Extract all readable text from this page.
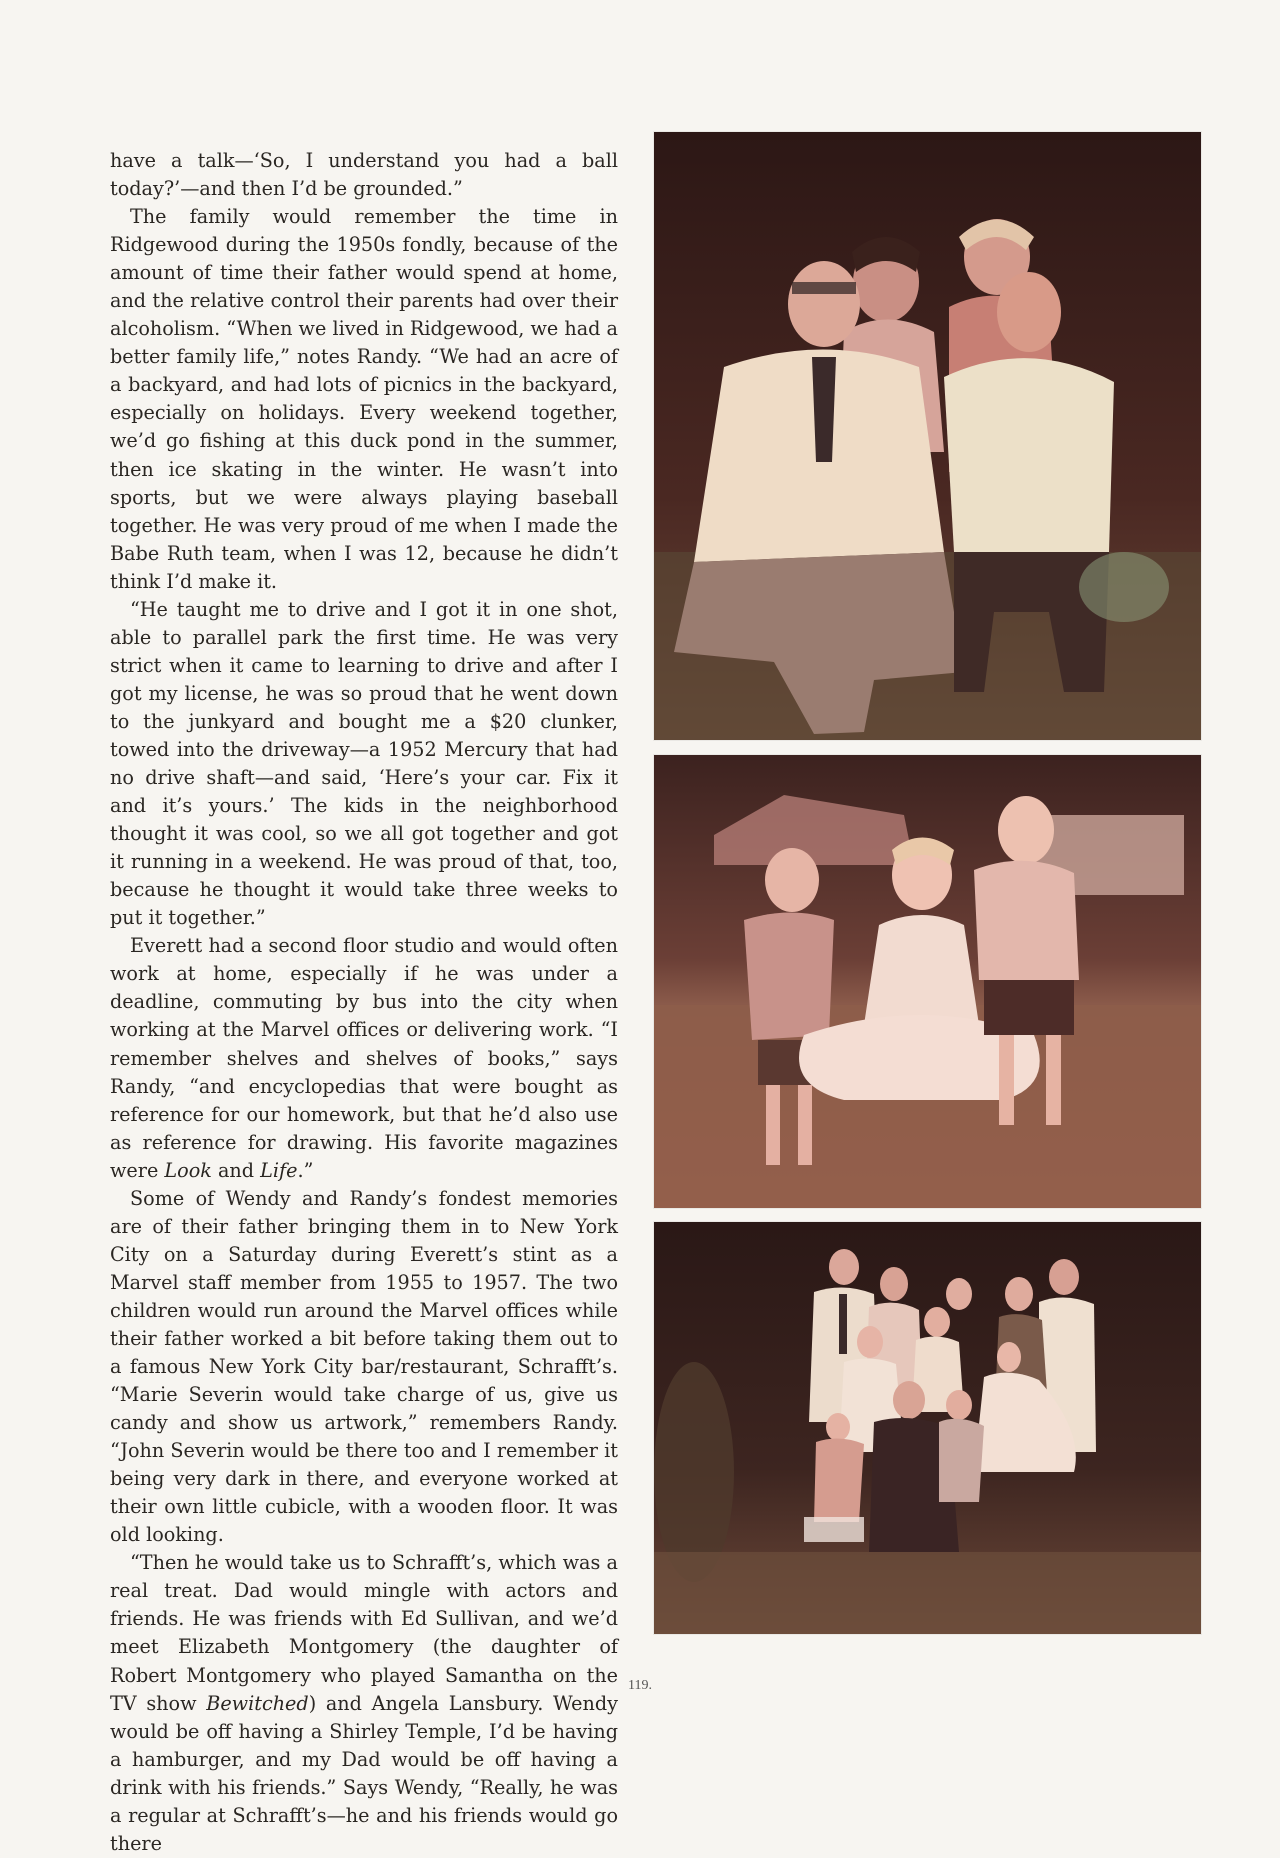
have a talk—‘So, I understand you had a ball today?’—and then I’d be grounded.”

The family would remember the time in Ridgewood during the 1950s fondly, because of the amount of time their father would spend at home, and the relative control their parents had over their alcoholism. “When we lived in Ridgewood, we had a better family life,” notes Randy. “We had an acre of a backyard, and had lots of picnics in the backyard, especially on holidays. Every weekend together, we’d go fishing at this duck pond in the summer, then ice skating in the winter. He wasn’t into sports, but we were always playing baseball together. He was very proud of me when I made the Babe Ruth team, when I was 12, because he didn’t think I’d make it.

“He taught me to drive and I got it in one shot, able to parallel park the first time. He was very strict when it came to learning to drive and after I got my license, he was so proud that he went down to the junkyard and bought me a $20 clunker, towed into the driveway—a 1952 Mercury that had no drive shaft—and said, ‘Here’s your car. Fix it and it’s yours.’ The kids in the neighborhood thought it was cool, so we all got together and got it running in a weekend. He was proud of that, too, because he thought it would take three weeks to put it together.”

Everett had a second floor studio and would often work at home, especially if he was under a deadline, commuting by bus into the city when working at the Marvel offices or delivering work. “I remember shelves and shelves of books,” says Randy, “and encyclopedias that were bought as reference for our homework, but that he’d also use as reference for drawing. His favorite magazines were Look and Life.”

Some of Wendy and Randy’s fondest memories are of their father bringing them in to New York City on a Saturday during Everett’s stint as a Marvel staff member from 1955 to 1957. The two children would run around the Marvel offices while their father worked a bit before taking them out to a famous New York City bar/restaurant, Schrafft’s. “Marie Severin would take charge of us, give us candy and show us artwork,” remembers Randy. “John Severin would be there too and I remember it being very dark in there, and everyone worked at their own little cubicle, with a wooden floor. It was old looking.

“Then he would take us to Schrafft’s, which was a real treat. Dad would mingle with actors and friends. He was friends with Ed Sullivan, and we’d meet Elizabeth Montgomery (the daughter of Robert Montgomery who played Samantha on the TV show Bewitched) and Angela Lansbury. Wendy would be off having a Shirley Temple, I’d be having a hamburger, and my Dad would be off having a drink with his friends.” Says Wendy, “Really, he was a regular at Schrafft’s—he and his friends would go there

119.
